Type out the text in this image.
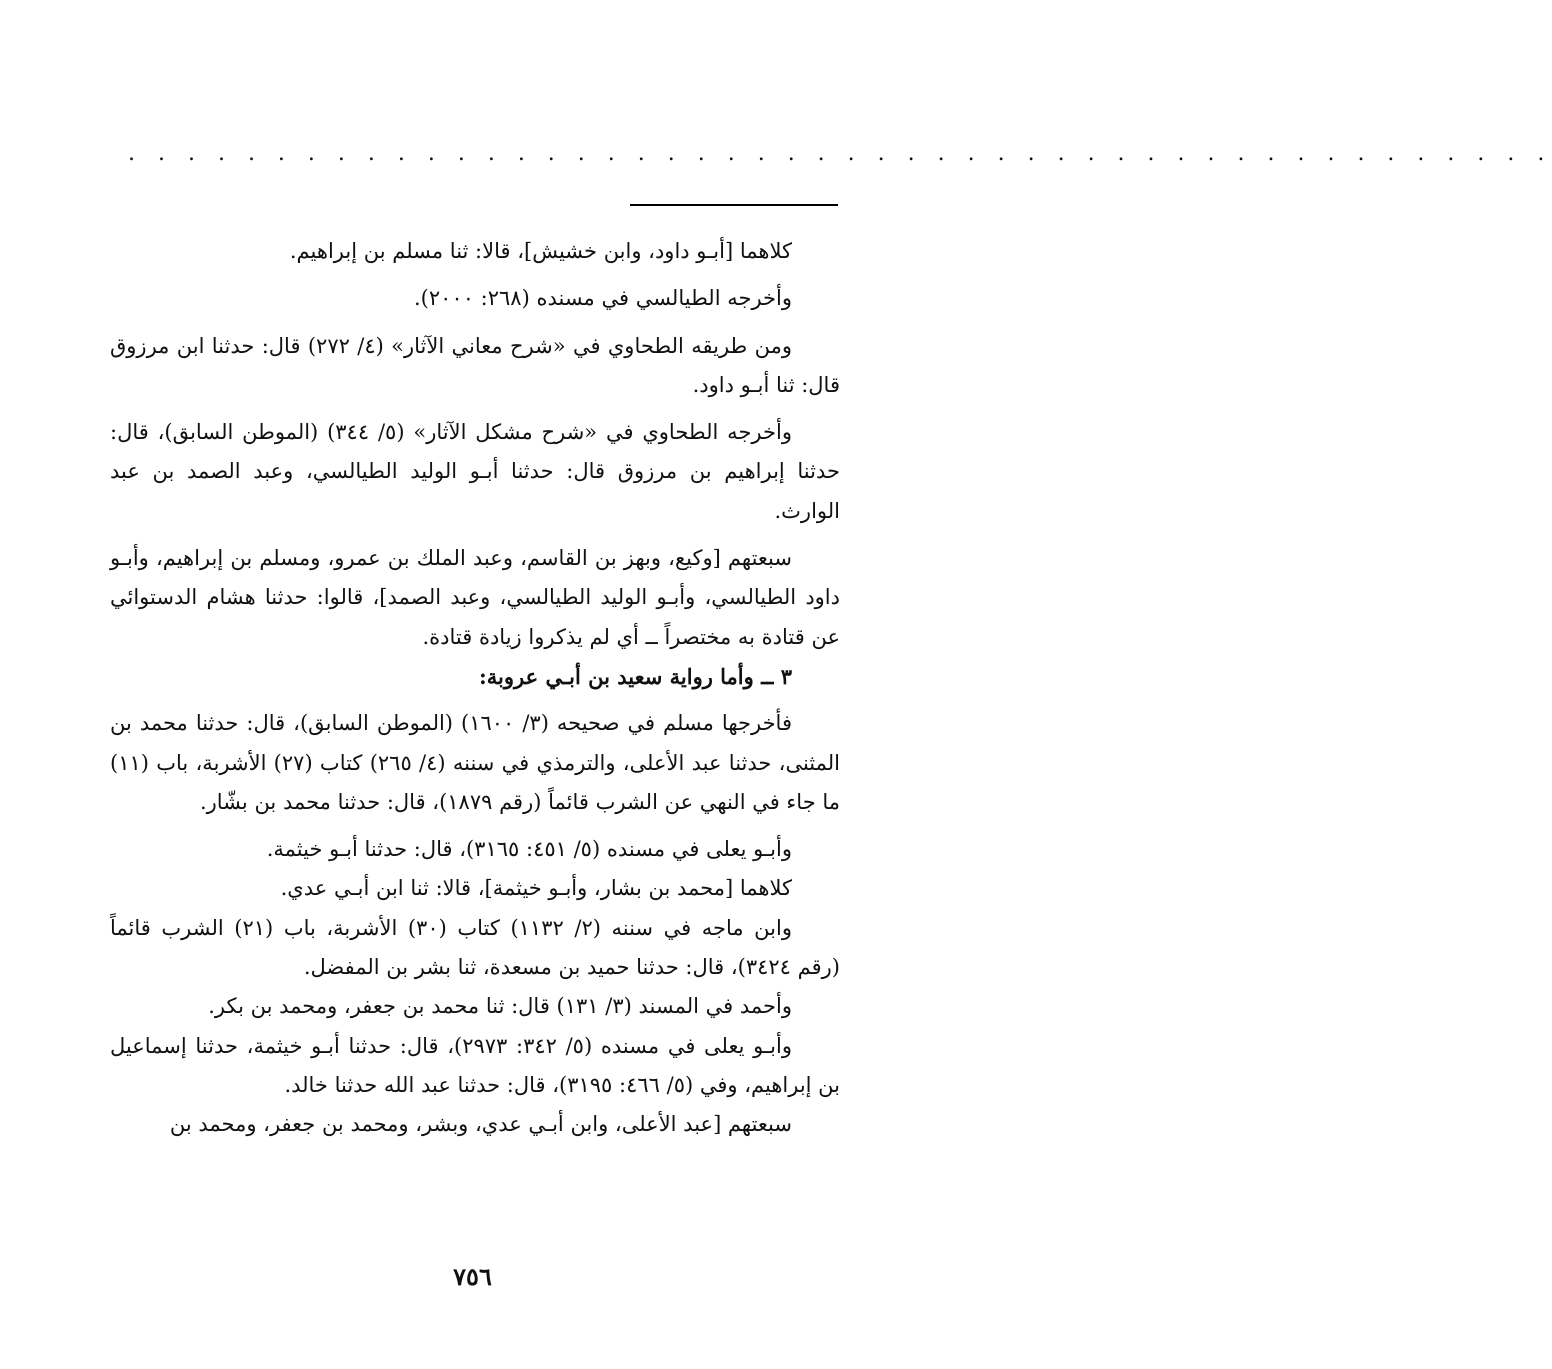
. . . . . . . . . . . . . . . . . . . . . . . . . . . . . . . . . . . . . . . . . . . . . . . .

كلاهما [أبـو داود، وابن خشيش]، قالا: ثنا مسلم بن إبراهيم.

وأخرجه الطيالسي في مسنده (٢٦٨: ٢٠٠٠).

ومن طريقه الطحاوي في «شرح معاني الآثار» (٤/ ٢٧٢) قال: حدثنا ابن مرزوق قال: ثنا أبـو داود.

وأخرجه الطحاوي في «شرح مشكل الآثار» (٥/ ٣٤٤) (الموطن السابق)، قال: حدثنا إبراهيم بن مرزوق قال: حدثنا أبـو الوليد الطيالسي، وعبد الصمد بن عبد الوارث.

سبعتهم [وكيع، وبهز بن القاسم، وعبد الملك بن عمرو، ومسلم بن إبراهيم، وأبـو داود الطيالسي، وأبـو الوليد الطيالسي، وعبد الصمد]، قالوا: حدثنا هشام الدستوائي عن قتادة به مختصراً ــ أي لم يذكروا زيادة قتادة.

٣ ــ وأما رواية سعيد بن أبـي عروبة:

فأخرجها مسلم في صحيحه (٣/ ١٦٠٠) (الموطن السابق)، قال: حدثنا محمد بن المثنى، حدثنا عبد الأعلى، والترمذي في سننه (٤/ ٢٦٥) كتاب (٢٧) الأشربة، باب (١١) ما جاء في النهي عن الشرب قائماً (رقم ١٨٧٩)، قال: حدثنا محمد بن بشّار.

وأبـو يعلى في مسنده (٥/ ٤٥١: ٣١٦٥)، قال: حدثنا أبـو خيثمة.

كلاهما [محمد بن بشار، وأبـو خيثمة]، قالا: ثنا ابن أبـي عدي.

وابن ماجه في سننه (٢/ ١١٣٢) كتاب (٣٠) الأشربة، باب (٢١) الشرب قائماً (رقم ٣٤٢٤)، قال: حدثنا حميد بن مسعدة، ثنا بشر بن المفضل.

وأحمد في المسند (٣/ ١٣١) قال: ثنا محمد بن جعفر، ومحمد بن بكر.

وأبـو يعلى في مسنده (٥/ ٣٤٢: ٢٩٧٣)، قال: حدثنا أبـو خيثمة، حدثنا إسماعيل بن إبراهيم، وفي (٥/ ٤٦٦: ٣١٩٥)، قال: حدثنا عبد الله حدثنا خالد.

سبعتهم [عبد الأعلى، وابن أبـي عدي، وبشر، ومحمد بن جعفر، ومحمد بن

٧٥٦
